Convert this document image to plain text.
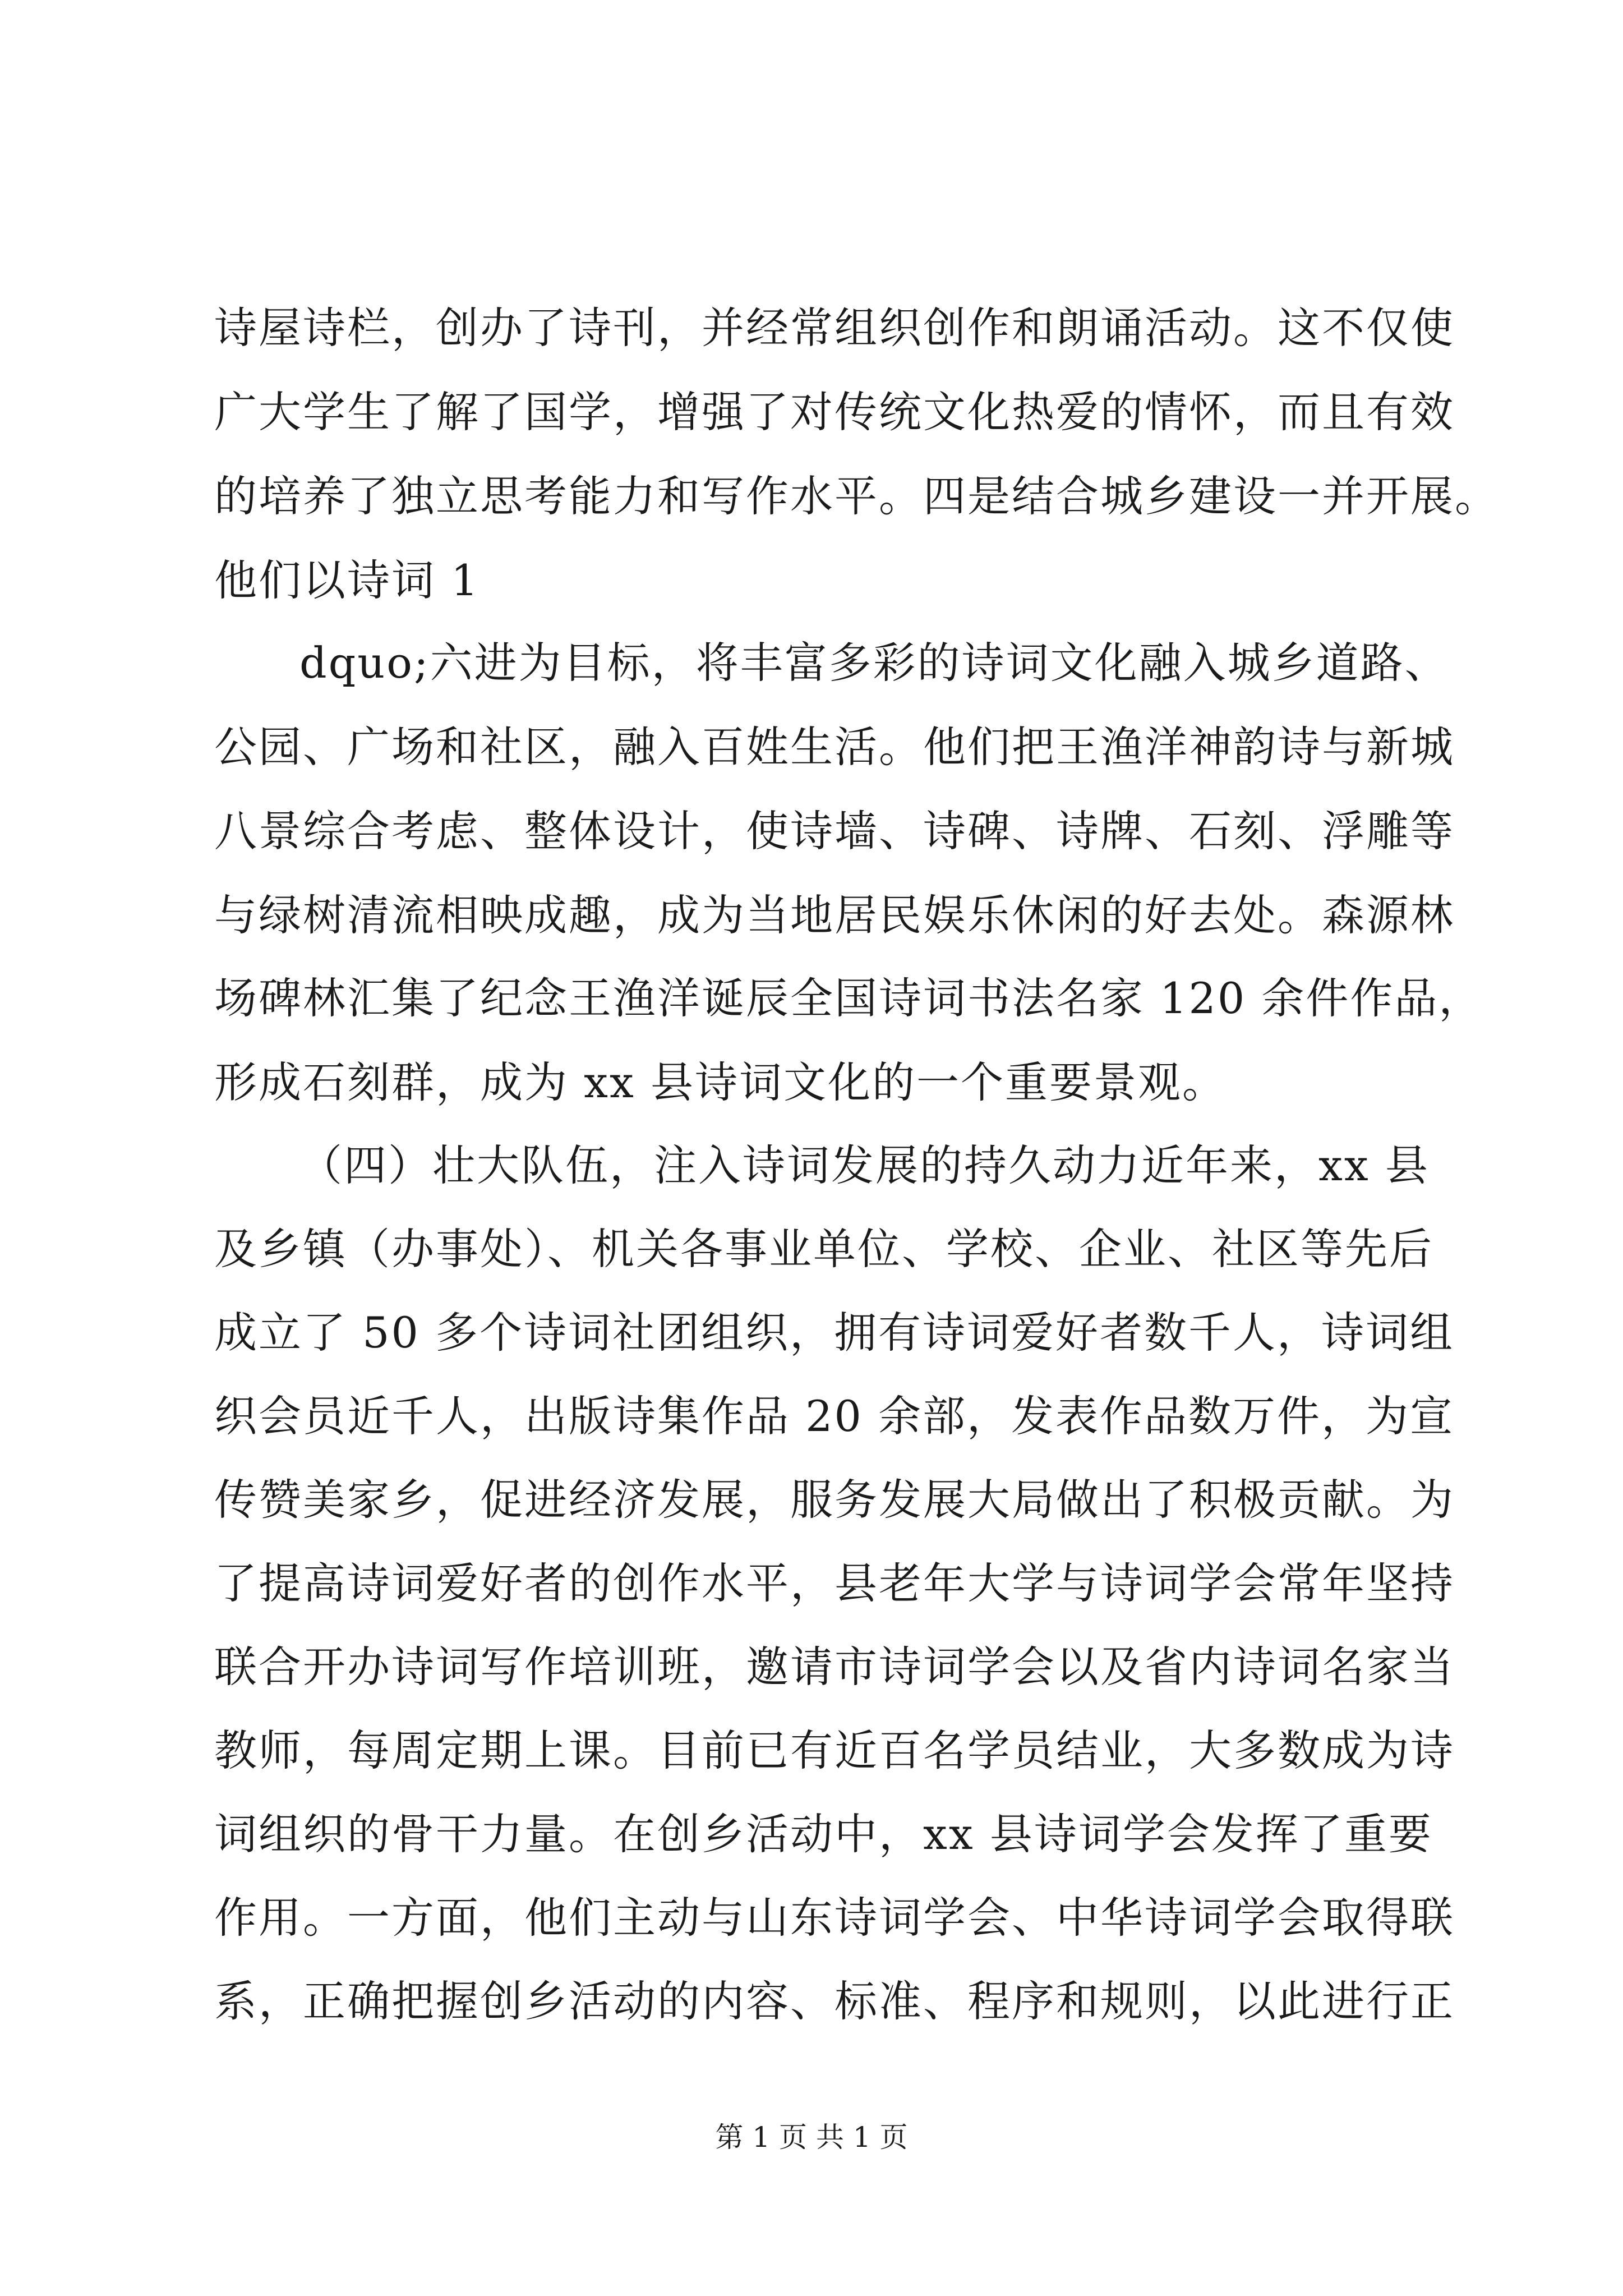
诗屋诗栏，创办了诗刊，并经常组织创作和朗诵活动。这不仅使
广大学生了解了国学，增强了对传统文化热爱的情怀，而且有效
的培养了独立思考能力和写作水平。四是结合城乡建设一并开展。
他们以诗词 1
dquo;六进为目标，将丰富多彩的诗词文化融入城乡道路、
公园、广场和社区，融入百姓生活。他们把王渔洋神韵诗与新城
八景综合考虑、整体设计，使诗墙、诗碑、诗牌、石刻、浮雕等
与绿树清流相映成趣，成为当地居民娱乐休闲的好去处。森源林
场碑林汇集了纪念王渔洋诞辰全国诗词书法名家 120 余件作品，
形成石刻群，成为 xx 县诗词文化的一个重要景观。
（四）壮大队伍，注入诗词发展的持久动力近年来，xx 县
及乡镇（办事处）、机关各事业单位、学校、企业、社区等先后
成立了 50 多个诗词社团组织，拥有诗词爱好者数千人，诗词组
织会员近千人，出版诗集作品 20 余部，发表作品数万件，为宣
传赞美家乡，促进经济发展，服务发展大局做出了积极贡献。为
了提高诗词爱好者的创作水平，县老年大学与诗词学会常年坚持
联合开办诗词写作培训班，邀请市诗词学会以及省内诗词名家当
教师，每周定期上课。目前已有近百名学员结业，大多数成为诗
词组织的骨干力量。在创乡活动中，xx 县诗词学会发挥了重要
作用。一方面，他们主动与山东诗词学会、中华诗词学会取得联
系，正确把握创乡活动的内容、标准、程序和规则，以此进行正
第 1 页 共 1 页
